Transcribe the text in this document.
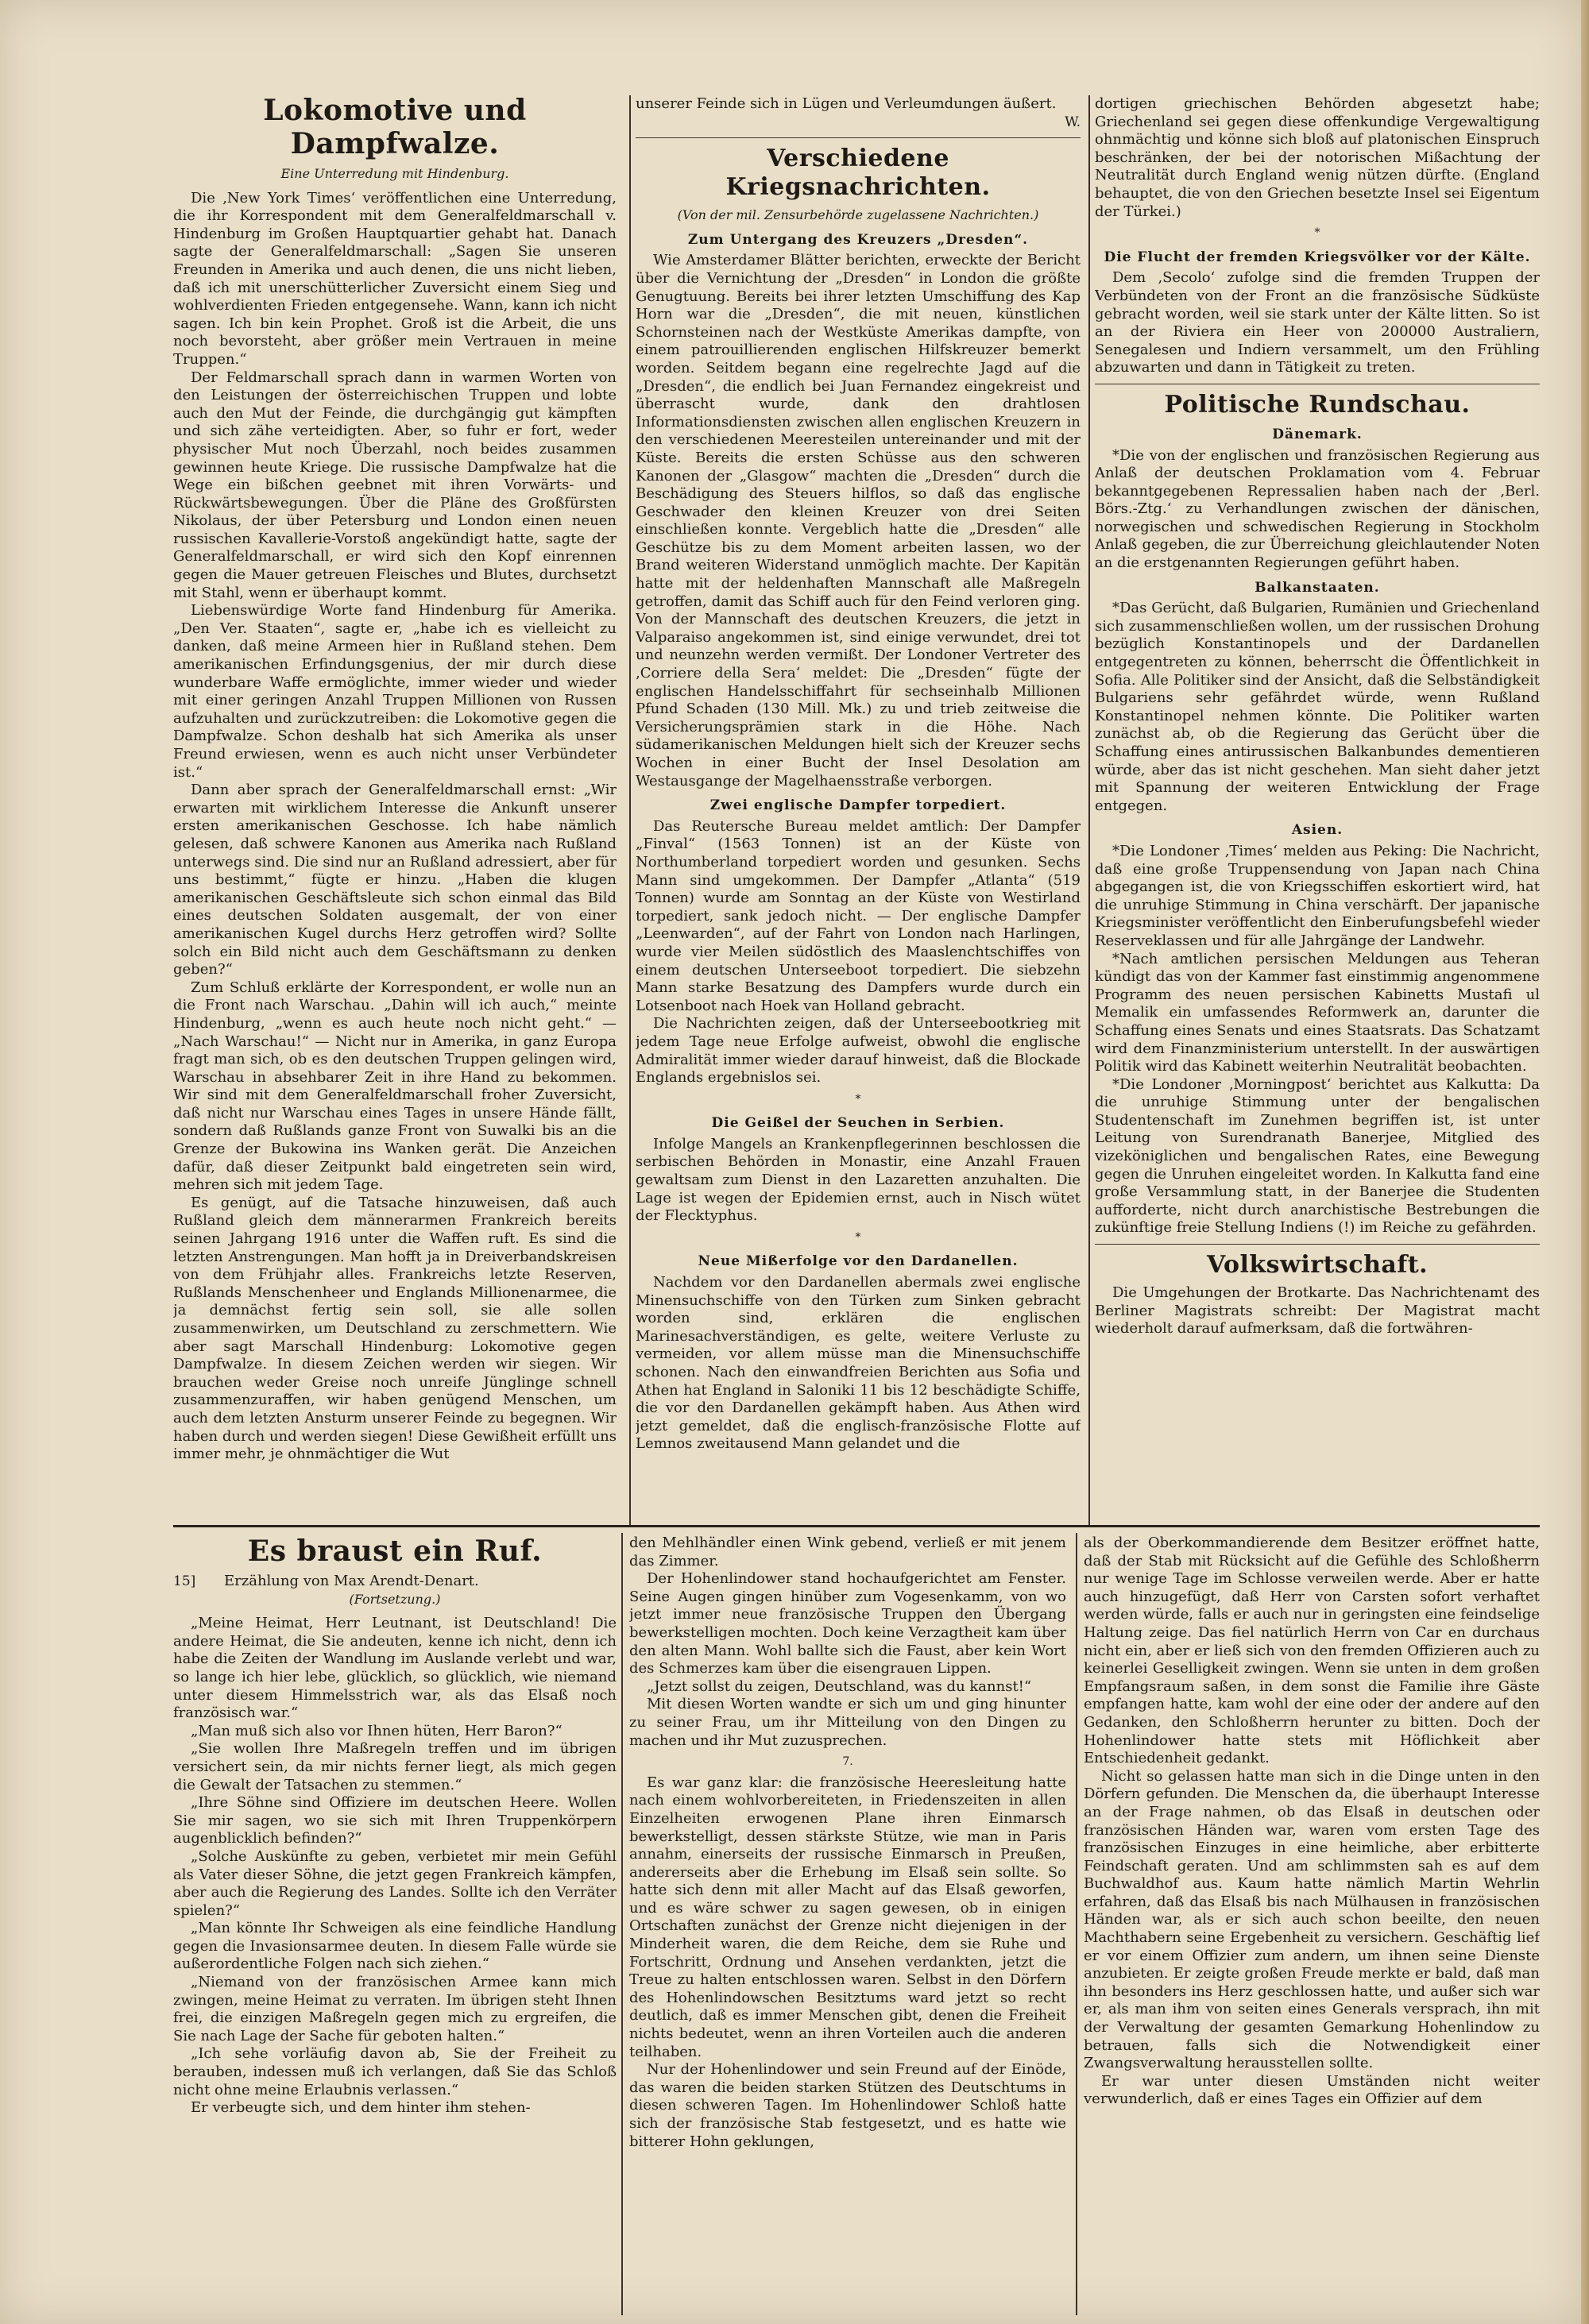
Lokomotive und Dampfwalze.
Eine Unterredung mit Hindenburg.

Die ‚New York Times‘ veröffentlichen eine Unterredung, die ihr Korrespondent mit dem Generalfeldmarschall v. Hindenburg im Großen Hauptquartier gehabt hat. Danach sagte der Generalfeldmarschall: „Sagen Sie unseren Freunden in Amerika und auch denen, die uns nicht lieben, daß ich mit unerschütterlicher Zuversicht einem Sieg und wohlverdienten Frieden entgegensehe. Wann, kann ich nicht sagen. Ich bin kein Prophet. Groß ist die Arbeit, die uns noch bevorsteht, aber größer mein Vertrauen in meine Truppen.“

Der Feldmarschall sprach dann in warmen Worten von den Leistungen der österreichischen Truppen und lobte auch den Mut der Feinde, die durchgängig gut kämpften und sich zähe verteidigten. Aber, so fuhr er fort, weder physischer Mut noch Überzahl, noch beides zusammen gewinnen heute Kriege. Die russische Dampfwalze hat die Wege ein bißchen geebnet mit ihren Vorwärts- und Rückwärtsbewegungen. Über die Pläne des Großfürsten Nikolaus, der über Petersburg und London einen neuen russischen Kavallerie-Vorstoß angekündigt hatte, sagte der Generalfeldmarschall, er wird sich den Kopf einrennen gegen die Mauer getreuen Fleisches und Blutes, durchsetzt mit Stahl, wenn er überhaupt kommt.

Liebenswürdige Worte fand Hindenburg für Amerika. „Den Ver. Staaten“, sagte er, „habe ich es vielleicht zu danken, daß meine Armeen hier in Rußland stehen. Dem amerikanischen Erfindungsgenius, der mir durch diese wunderbare Waffe ermöglichte, immer wieder und wieder mit einer geringen Anzahl Truppen Millionen von Russen aufzuhalten und zurückzutreiben: die Lokomotive gegen die Dampfwalze. Schon deshalb hat sich Amerika als unser Freund erwiesen, wenn es auch nicht unser Verbündeter ist.“

Dann aber sprach der Generalfeldmarschall ernst: „Wir erwarten mit wirklichem Interesse die Ankunft unserer ersten amerikanischen Geschosse. Ich habe nämlich gelesen, daß schwere Kanonen aus Amerika nach Rußland unterwegs sind. Die sind nur an Rußland adressiert, aber für uns bestimmt,“ fügte er hinzu. „Haben die klugen amerikanischen Geschäftsleute sich schon einmal das Bild eines deutschen Soldaten ausgemalt, der von einer amerikanischen Kugel durchs Herz getroffen wird? Sollte solch ein Bild nicht auch dem Geschäftsmann zu denken geben?“

Zum Schluß erklärte der Korrespondent, er wolle nun an die Front nach Warschau. „Dahin will ich auch,“ meinte Hindenburg, „wenn es auch heute noch nicht geht.“ — „Nach Warschau!“ — Nicht nur in Amerika, in ganz Europa fragt man sich, ob es den deutschen Truppen gelingen wird, Warschau in absehbarer Zeit in ihre Hand zu bekommen. Wir sind mit dem Generalfeldmarschall froher Zuversicht, daß nicht nur Warschau eines Tages in unsere Hände fällt, sondern daß Rußlands ganze Front von Suwalki bis an die Grenze der Bukowina ins Wanken gerät. Die Anzeichen dafür, daß dieser Zeitpunkt bald eingetreten sein wird, mehren sich mit jedem Tage.

Es genügt, auf die Tatsache hinzuweisen, daß auch Rußland gleich dem männerarmen Frankreich bereits seinen Jahrgang 1916 unter die Waffen ruft. Es sind die letzten Anstrengungen. Man hofft ja in Dreiverbandskreisen von dem Frühjahr alles. Frankreichs letzte Reserven, Rußlands Menschenheer und Englands Millionenarmee, die ja demnächst fertig sein soll, sie alle sollen zusammenwirken, um Deutschland zu zerschmettern. Wie aber sagt Marschall Hindenburg: Lokomotive gegen Dampfwalze. In diesem Zeichen werden wir siegen. Wir brauchen weder Greise noch unreife Jünglinge schnell zusammenzuraffen, wir haben genügend Menschen, um auch dem letzten Ansturm unserer Feinde zu begegnen. Wir haben durch und werden siegen! Diese Gewißheit erfüllt uns immer mehr, je ohnmächtiger die Wut

unserer Feinde sich in Lügen und Verleumdungen äußert.

W.
Verschiedene Kriegsnachrichten.
(Von der mil. Zensurbehörde zugelassene Nachrichten.)
Zum Untergang des Kreuzers „Dresden“.

Wie Amsterdamer Blätter berichten, erweckte der Bericht über die Vernichtung der „Dresden“ in London die größte Genugtuung. Bereits bei ihrer letzten Umschiffung des Kap Horn war die „Dresden“, die mit neuen, künstlichen Schornsteinen nach der Westküste Amerikas dampfte, von einem patrouillierenden englischen Hilfskreuzer bemerkt worden. Seitdem begann eine regelrechte Jagd auf die „Dresden“, die endlich bei Juan Fernandez eingekreist und überrascht wurde, dank den drahtlosen Informationsdiensten zwischen allen englischen Kreuzern in den verschiedenen Meeresteilen untereinander und mit der Küste. Bereits die ersten Schüsse aus den schweren Kanonen der „Glasgow“ machten die „Dresden“ durch die Beschädigung des Steuers hilflos, so daß das englische Geschwader den kleinen Kreuzer von drei Seiten einschließen konnte. Vergeblich hatte die „Dresden“ alle Geschütze bis zu dem Moment arbeiten lassen, wo der Brand weiteren Widerstand unmöglich machte. Der Kapitän hatte mit der heldenhaften Mannschaft alle Maßregeln getroffen, damit das Schiff auch für den Feind verloren ging. Von der Mannschaft des deutschen Kreuzers, die jetzt in Valparaiso angekommen ist, sind einige verwundet, drei tot und neunzehn werden vermißt. Der Londoner Vertreter des ‚Corriere della Sera‘ meldet: Die „Dresden“ fügte der englischen Handelsschiffahrt für sechseinhalb Millionen Pfund Schaden (130 Mill. Mk.) zu und trieb zeitweise die Versicherungsprämien stark in die Höhe. Nach südamerikanischen Meldungen hielt sich der Kreuzer sechs Wochen in einer Bucht der Insel Desolation am Westausgange der Magelhaensstraße verborgen.

Zwei englische Dampfer torpediert.

Das Reutersche Bureau meldet amtlich: Der Dampfer „Finval“ (1563 Tonnen) ist an der Küste von Northumberland torpediert worden und gesunken. Sechs Mann sind umgekommen. Der Dampfer „Atlanta“ (519 Tonnen) wurde am Sonntag an der Küste von Westirland torpediert, sank jedoch nicht. — Der englische Dampfer „Leenwarden“, auf der Fahrt von London nach Harlingen, wurde vier Meilen südöstlich des Maaslenchtschiffes von einem deutschen Unterseeboot torpediert. Die siebzehn Mann starke Besatzung des Dampfers wurde durch ein Lotsenboot nach Hoek van Holland gebracht.

Die Nachrichten zeigen, daß der Unterseebootkrieg mit jedem Tage neue Erfolge aufweist, obwohl die englische Admiralität immer wieder darauf hinweist, daß die Blockade Englands ergebnislos sei.

*
Die Geißel der Seuchen in Serbien.

Infolge Mangels an Krankenpflegerinnen beschlossen die serbischen Behörden in Monastir, eine Anzahl Frauen gewaltsam zum Dienst in den Lazaretten anzuhalten. Die Lage ist wegen der Epidemien ernst, auch in Nisch wütet der Flecktyphus.

*
Neue Mißerfolge vor den Dardanellen.

Nachdem vor den Dardanellen abermals zwei englische Minensuchschiffe von den Türken zum Sinken gebracht worden sind, erklären die englischen Marinesachverständigen, es gelte, weitere Verluste zu vermeiden, vor allem müsse man die Minensuchschiffe schonen. Nach den einwandfreien Berichten aus Sofia und Athen hat England in Saloniki 11 bis 12 beschädigte Schiffe, die vor den Dardanellen gekämpft haben. Aus Athen wird jetzt gemeldet, daß die englisch-französische Flotte auf Lemnos zweitausend Mann gelandet und die

dortigen griechischen Behörden abgesetzt habe; Griechenland sei gegen diese offenkundige Vergewaltigung ohnmächtig und könne sich bloß auf platonischen Einspruch beschränken, der bei der notorischen Mißachtung der Neutralität durch England wenig nützen dürfte. (England behauptet, die von den Griechen besetzte Insel sei Eigentum der Türkei.)

*
Die Flucht der fremden Kriegsvölker vor der Kälte.

Dem ‚Secolo‘ zufolge sind die fremden Truppen der Verbündeten von der Front an die französische Südküste gebracht worden, weil sie stark unter der Kälte litten. So ist an der Riviera ein Heer von 200000 Australiern, Senegalesen und Indiern versammelt, um den Frühling abzuwarten und dann in Tätigkeit zu treten.

Politische Rundschau.
Dänemark.

*Die von der englischen und französischen Regierung aus Anlaß der deutschen Proklamation vom 4. Februar bekanntgegebenen Repressalien haben nach der ‚Berl. Börs.-Ztg.‘ zu Verhandlungen zwischen der dänischen, norwegischen und schwedischen Regierung in Stockholm Anlaß gegeben, die zur Überreichung gleichlautender Noten an die erstgenannten Regierungen geführt haben.

Balkanstaaten.

*Das Gerücht, daß Bulgarien, Rumänien und Griechenland sich zusammenschließen wollen, um der russischen Drohung bezüglich Konstantinopels und der Dardanellen entgegentreten zu können, beherrscht die Öffentlichkeit in Sofia. Alle Politiker sind der Ansicht, daß die Selbständigkeit Bulgariens sehr gefährdet würde, wenn Rußland Konstantinopel nehmen könnte. Die Politiker warten zunächst ab, ob die Regierung das Gerücht über die Schaffung eines antirussischen Balkanbundes dementieren würde, aber das ist nicht geschehen. Man sieht daher jetzt mit Spannung der weiteren Entwicklung der Frage entgegen.

Asien.

*Die Londoner ‚Times‘ melden aus Peking: Die Nachricht, daß eine große Truppensendung von Japan nach China abgegangen ist, die von Kriegsschiffen eskortiert wird, hat die unruhige Stimmung in China verschärft. Der japanische Kriegsminister veröffentlicht den Einberufungsbefehl wieder Reserveklassen und für alle Jahrgänge der Landwehr.

*Nach amtlichen persischen Meldungen aus Teheran kündigt das von der Kammer fast einstimmig angenommene Programm des neuen persischen Kabinetts Mustafi ul Memalik ein umfassendes Reformwerk an, darunter die Schaffung eines Senats und eines Staatsrats. Das Schatzamt wird dem Finanzministerium unterstellt. In der auswärtigen Politik wird das Kabinett weiterhin Neutralität beobachten.

*Die Londoner ‚Morningpost‘ berichtet aus Kalkutta: Da die unruhige Stimmung unter der bengalischen Studentenschaft im Zunehmen begriffen ist, ist unter Leitung von Surendranath Banerjee, Mitglied des vizeköniglichen und bengalischen Rates, eine Bewegung gegen die Unruhen eingeleitet worden. In Kalkutta fand eine große Versammlung statt, in der Banerjee die Studenten aufforderte, nicht durch anarchistische Bestrebungen die zukünftige freie Stellung Indiens (!) im Reiche zu gefährden.

Volkswirtschaft.

Die Umgehungen der Brotkarte. Das Nachrichtenamt des Berliner Magistrats schreibt: Der Magistrat macht wiederholt darauf aufmerksam, daß die fortwähren-

Es braust ein Ruf.

15] Erzählung von Max Arendt-Denart.

(Fortsetzung.)

„Meine Heimat, Herr Leutnant, ist Deutschland! Die andere Heimat, die Sie andeuten, kenne ich nicht, denn ich habe die Zeiten der Wandlung im Auslande verlebt und war, so lange ich hier lebe, glücklich, so glücklich, wie niemand unter diesem Himmelsstrich war, als das Elsaß noch französisch war.“

„Man muß sich also vor Ihnen hüten, Herr Baron?“

„Sie wollen Ihre Maßregeln treffen und im übrigen versichert sein, da mir nichts ferner liegt, als mich gegen die Gewalt der Tatsachen zu stemmen.“

„Ihre Söhne sind Offiziere im deutschen Heere. Wollen Sie mir sagen, wo sie sich mit Ihren Truppenkörpern augenblicklich befinden?“

„Solche Auskünfte zu geben, verbietet mir mein Gefühl als Vater dieser Söhne, die jetzt gegen Frankreich kämpfen, aber auch die Regierung des Landes. Sollte ich den Verräter spielen?“

„Man könnte Ihr Schweigen als eine feindliche Handlung gegen die Invasionsarmee deuten. In diesem Falle würde sie außerordentliche Folgen nach sich ziehen.“

„Niemand von der französischen Armee kann mich zwingen, meine Heimat zu verraten. Im übrigen steht Ihnen frei, die einzigen Maßregeln gegen mich zu ergreifen, die Sie nach Lage der Sache für geboten halten.“

„Ich sehe vorläufig davon ab, Sie der Freiheit zu berauben, indessen muß ich verlangen, daß Sie das Schloß nicht ohne meine Erlaubnis verlassen.“

Er verbeugte sich, und dem hinter ihm stehen-

den Mehlhändler einen Wink gebend, verließ er mit jenem das Zimmer.

Der Hohenlindower stand hochaufgerichtet am Fenster. Seine Augen gingen hinüber zum Vogesenkamm, von wo jetzt immer neue französische Truppen den Übergang bewerkstelligen mochten. Doch keine Verzagtheit kam über den alten Mann. Wohl ballte sich die Faust, aber kein Wort des Schmerzes kam über die eisengrauen Lippen.

„Jetzt sollst du zeigen, Deutschland, was du kannst!“

Mit diesen Worten wandte er sich um und ging hinunter zu seiner Frau, um ihr Mitteilung von den Dingen zu machen und ihr Mut zuzusprechen.

7.

Es war ganz klar: die französische Heeresleitung hatte nach einem wohlvorbereiteten, in Friedenszeiten in allen Einzelheiten erwogenen Plane ihren Einmarsch bewerkstelligt, dessen stärkste Stütze, wie man in Paris annahm, einerseits der russische Einmarsch in Preußen, andererseits aber die Erhebung im Elsaß sein sollte. So hatte sich denn mit aller Macht auf das Elsaß geworfen, und es wäre schwer zu sagen gewesen, ob in einigen Ortschaften zunächst der Grenze nicht diejenigen in der Minderheit waren, die dem Reiche, dem sie Ruhe und Fortschritt, Ordnung und Ansehen verdankten, jetzt die Treue zu halten entschlossen waren. Selbst in den Dörfern des Hohenlindowschen Besitztums ward jetzt so recht deutlich, daß es immer Menschen gibt, denen die Freiheit nichts bedeutet, wenn an ihren Vorteilen auch die anderen teilhaben.

Nur der Hohenlindower und sein Freund auf der Einöde, das waren die beiden starken Stützen des Deutschtums in diesen schweren Tagen. Im Hohenlindower Schloß hatte sich der französische Stab festgesetzt, und es hatte wie bitterer Hohn geklungen,

als der Oberkommandierende dem Besitzer eröffnet hatte, daß der Stab mit Rücksicht auf die Gefühle des Schloßherrn nur wenige Tage im Schlosse verweilen werde. Aber er hatte auch hinzugefügt, daß Herr von Carsten sofort verhaftet werden würde, falls er auch nur in geringsten eine feindselige Haltung zeige. Das fiel natürlich Herrn von Car en durchaus nicht ein, aber er ließ sich von den fremden Offizieren auch zu keinerlei Geselligkeit zwingen. Wenn sie unten in dem großen Empfangsraum saßen, in dem sonst die Familie ihre Gäste empfangen hatte, kam wohl der eine oder der andere auf den Gedanken, den Schloßherrn herunter zu bitten. Doch der Hohenlindower hatte stets mit Höflichkeit aber Entschiedenheit gedankt.

Nicht so gelassen hatte man sich in die Dinge unten in den Dörfern gefunden. Die Menschen da, die überhaupt Interesse an der Frage nahmen, ob das Elsaß in deutschen oder französischen Händen war, waren vom ersten Tage des französischen Einzuges in eine heimliche, aber erbitterte Feindschaft geraten. Und am schlimmsten sah es auf dem Buchwaldhof aus. Kaum hatte nämlich Martin Wehrlin erfahren, daß das Elsaß bis nach Mülhausen in französischen Händen war, als er sich auch schon beeilte, den neuen Machthabern seine Ergebenheit zu versichern. Geschäftig lief er vor einem Offizier zum andern, um ihnen seine Dienste anzubieten. Er zeigte großen Freude merkte er bald, daß man ihn besonders ins Herz geschlossen hatte, und außer sich war er, als man ihm von seiten eines Generals versprach, ihn mit der Verwaltung der gesamten Gemarkung Hohenlindow zu betrauen, falls sich die Notwendigkeit einer Zwangsverwaltung herausstellen sollte.

Er war unter diesen Umständen nicht weiter verwunderlich, daß er eines Tages ein Offizier auf dem
